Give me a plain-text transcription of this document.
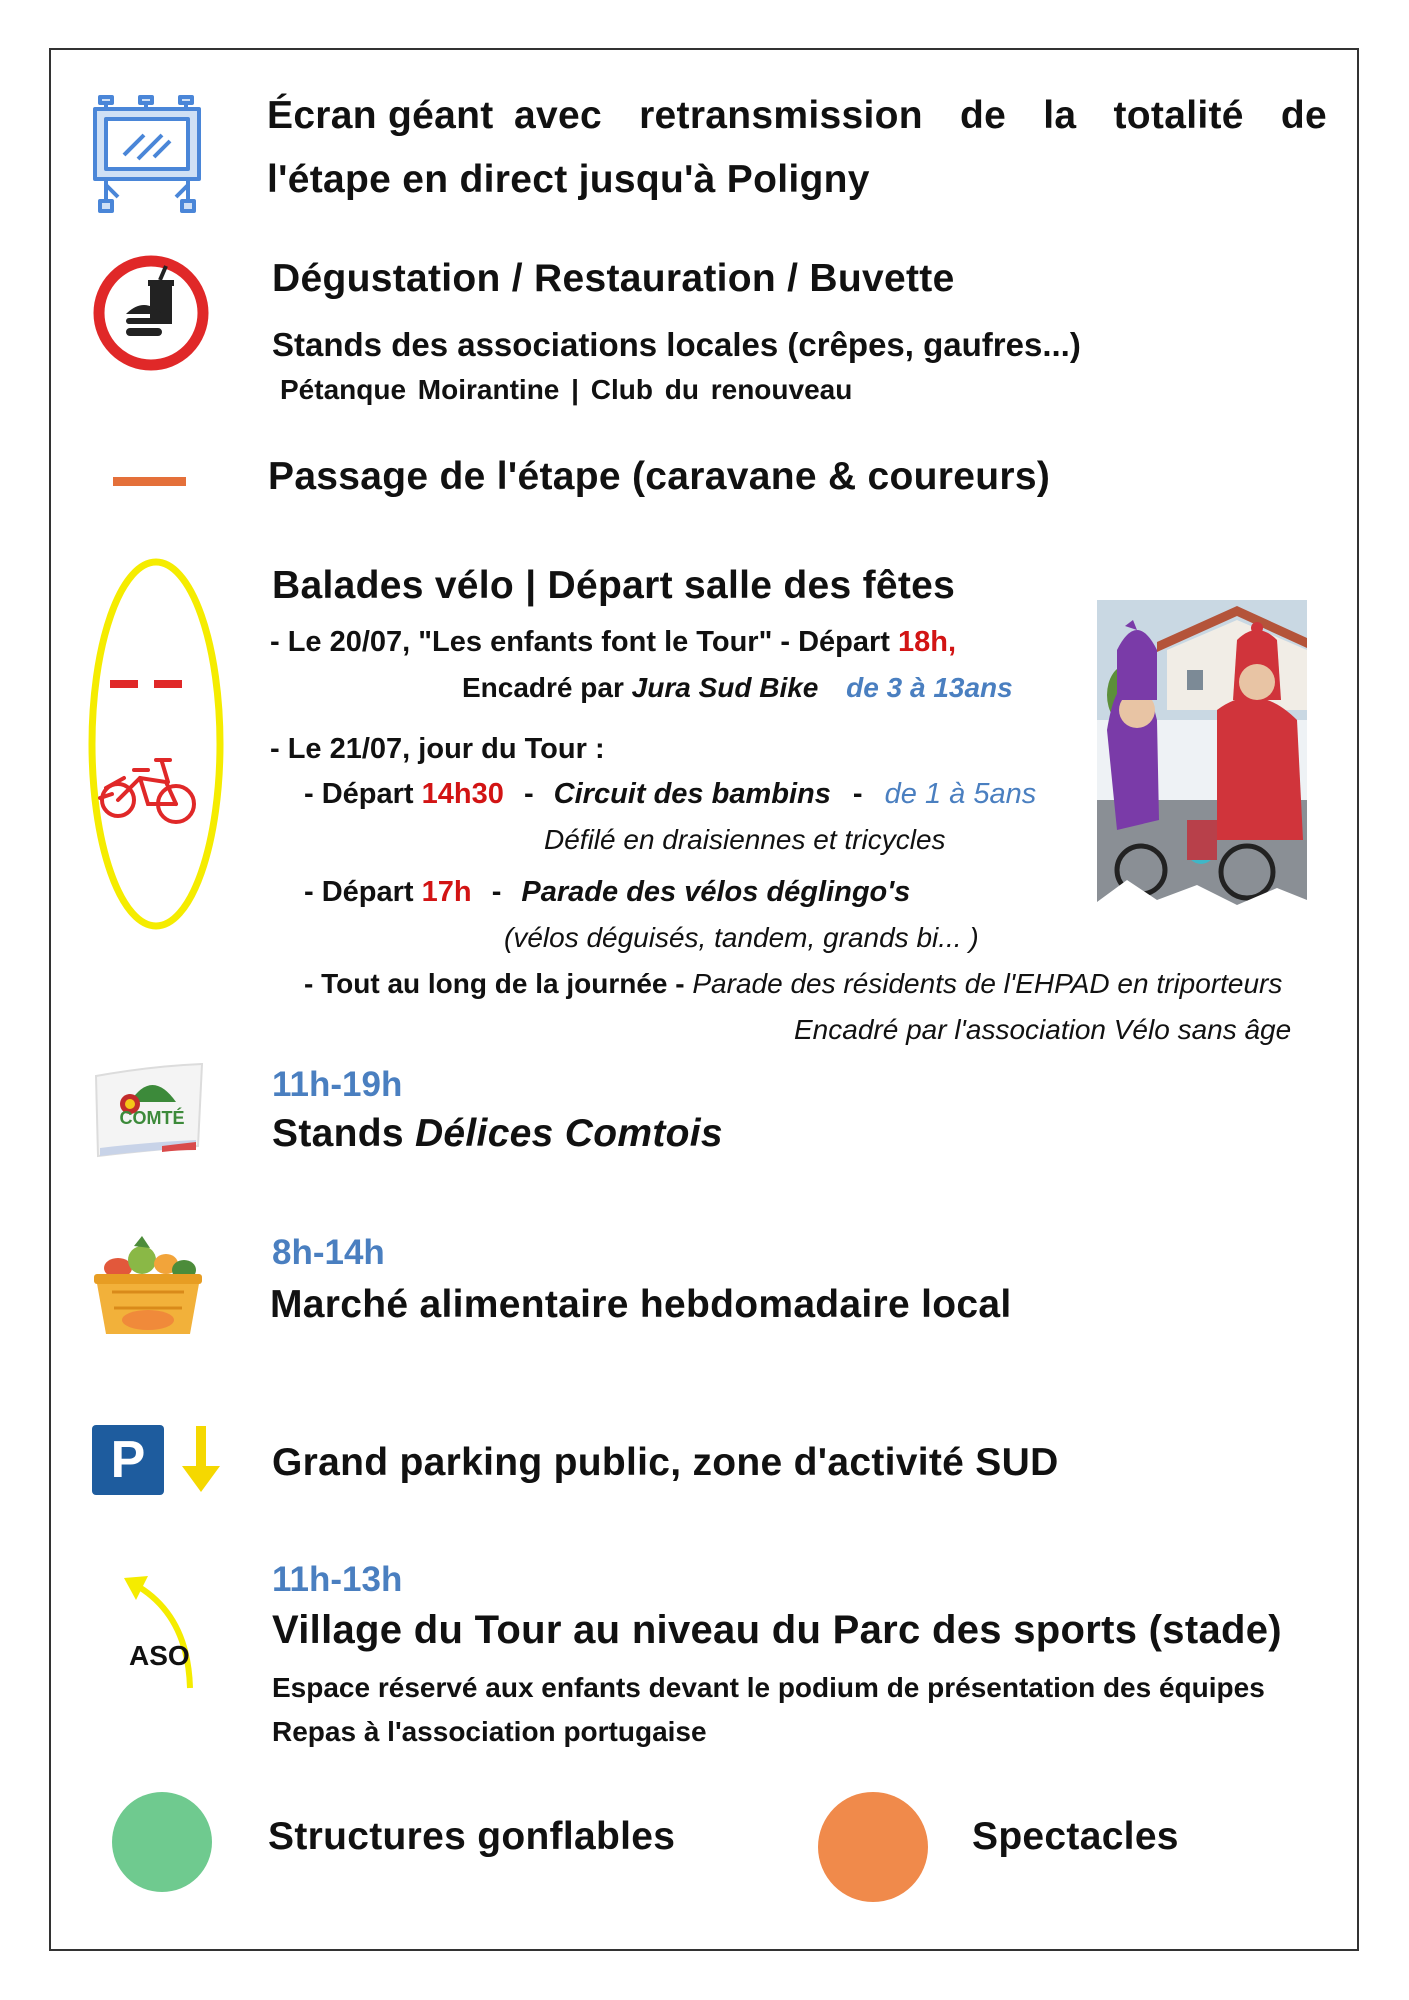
Écran géant avec retransmission de la totalité de
l'étape en direct jusqu'à Poligny
Dégustation / Restauration / Buvette
Stands des associations locales (crêpes, gaufres...)
Pétanque Moirantine | Club du renouveau
Passage de l'étape (caravane & coureurs)
Balades vélo | Départ salle des fêtes
- Le 20/07, "Les enfants font le Tour" - Départ 18h,
Encadré par Jura Sud Bike de 3 à 13ans
- Le 21/07, jour du Tour :
- Départ 14h30 - Circuit des bambins - de 1 à 5ans
Défilé en draisiennes et tricycles
- Départ 17h - Parade des vélos déglingo's
(vélos déguisés, tandem, grands bi... )
- Tout au long de la journée - Parade des résidents de l'EHPAD en triporteurs
Encadré par l'association Vélo sans âge
COMTÉ
11h-19h
Stands Délices Comtois
8h-14h
Marché alimentaire hebdomadaire local
P	Grand parking public, zone d'activité SUD
ASO
11h-13h
Village du Tour au niveau du Parc des sports (stade)
Espace réservé aux enfants devant le podium de présentation des équipes
Repas à l'association portugaise
Structures gonflables	Spectacles
